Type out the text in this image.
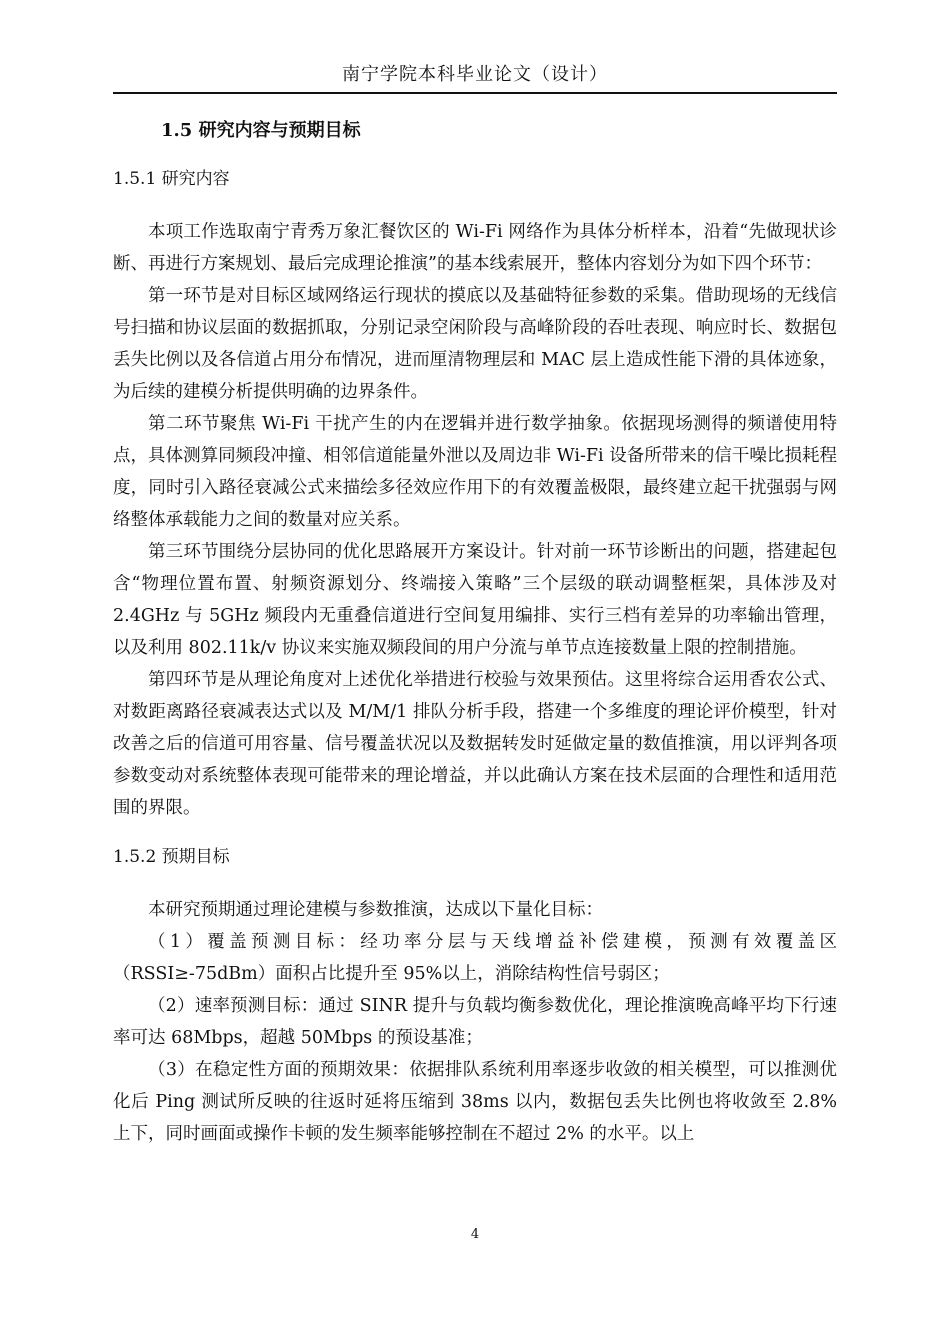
南宁学院本科毕业论文（设计）
1.5 研究内容与预期目标
1.5.1 研究内容

本项工作选取南宁青秀万象汇餐饮区的 Wi-Fi 网络作为具体分析样本，沿着“先做现状诊断、再进行方案规划、最后完成理论推演”的基本线索展开，整体内容划分为如下四个环节：

第一环节是对目标区域网络运行现状的摸底以及基础特征参数的采集。借助现场的无线信号扫描和协议层面的数据抓取，分别记录空闲阶段与高峰阶段的吞吐表现、响应时长、数据包丢失比例以及各信道占用分布情况，进而厘清物理层和 MAC 层上造成性能下滑的具体迹象，为后续的建模分析提供明确的边界条件。

第二环节聚焦 Wi-Fi 干扰产生的内在逻辑并进行数学抽象。依据现场测得的频谱使用特点，具体测算同频段冲撞、相邻信道能量外泄以及周边非 Wi-Fi 设备所带来的信干噪比损耗程度，同时引入路径衰减公式来描绘多径效应作用下的有效覆盖极限，最终建立起干扰强弱与网络整体承载能力之间的数量对应关系。

第三环节围绕分层协同的优化思路展开方案设计。针对前一环节诊断出的问题，搭建起包含“物理位置布置、射频资源划分、终端接入策略”三个层级的联动调整框架，具体涉及对 2.4GHz 与 5GHz 频段内无重叠信道进行空间复用编排、实行三档有差异的功率输出管理，以及利用 802.11k/v 协议来实施双频段间的用户分流与单节点连接数量上限的控制措施。

第四环节是从理论角度对上述优化举措进行校验与效果预估。这里将综合运用香农公式、对数距离路径衰减表达式以及 M/M/1 排队分析手段，搭建一个多维度的理论评价模型，针对改善之后的信道可用容量、信号覆盖状况以及数据转发时延做定量的数值推演，用以评判各项参数变动对系统整体表现可能带来的理论增益，并以此确认方案在技术层面的合理性和适用范围的界限。

1.5.2 预期目标

本研究预期通过理论建模与参数推演，达成以下量化目标：

（1）覆盖预测目标：经功率分层与天线增益补偿建模，预测有效覆盖区（RSSI≥-75dBm）面积占比提升至 95%以上，消除结构性信号弱区；

（2）速率预测目标：通过 SINR 提升与负载均衡参数优化，理论推演晚高峰平均下行速率可达 68Mbps，超越 50Mbps 的预设基准；

（3）在稳定性方面的预期效果：依据排队系统利用率逐步收敛的相关模型，可以推测优化后 Ping 测试所反映的往返时延将压缩到 38ms 以内，数据包丢失比例也将收敛至 2.8% 上下，同时画面或操作卡顿的发生频率能够控制在不超过 2% 的水平。以上

4
